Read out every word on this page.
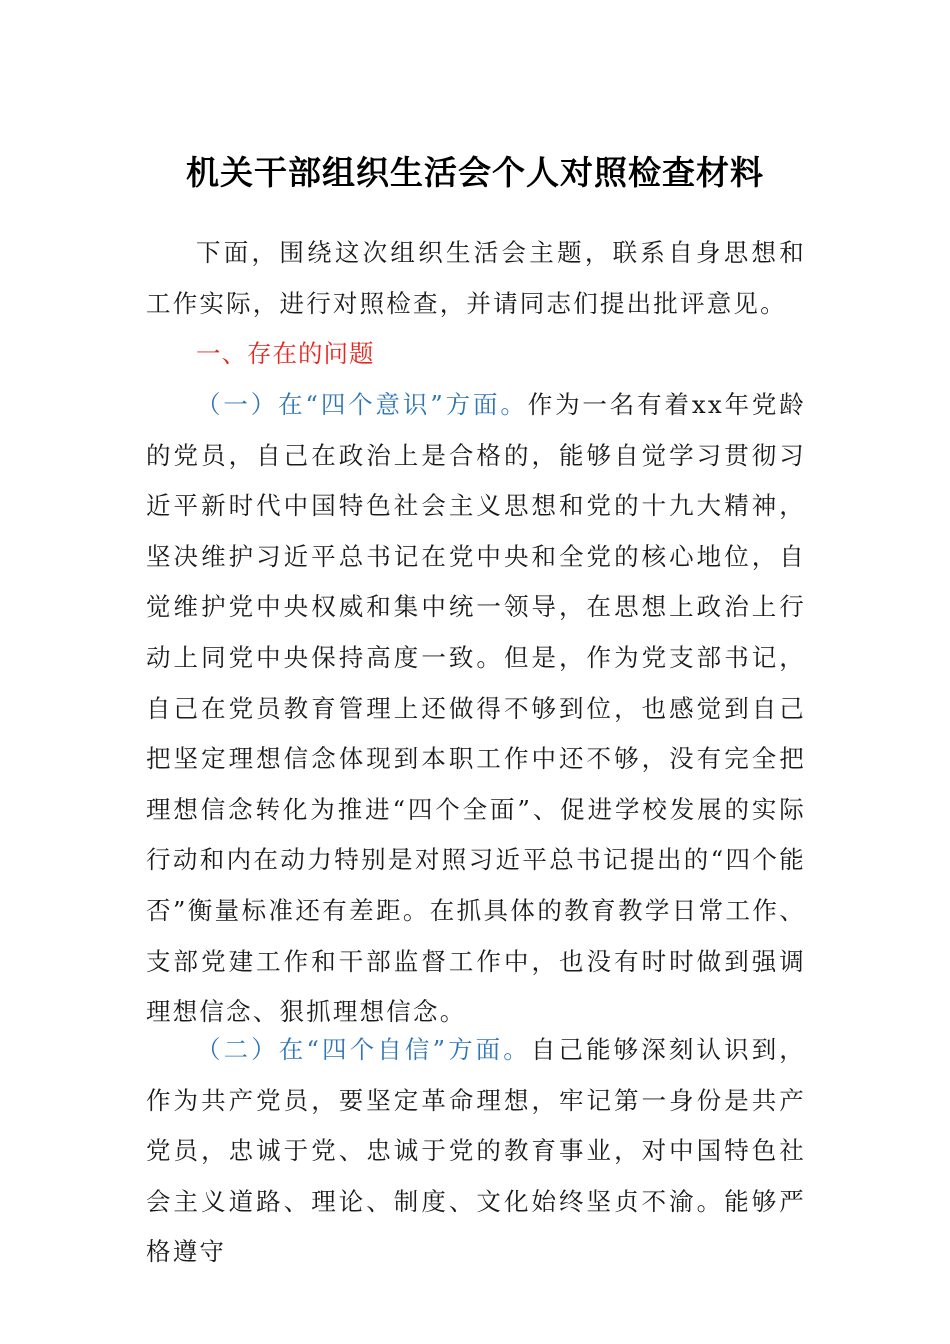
机关干部组织生活会个人对照检查材料

下面，围绕这次组织生活会主题，联系自身思想和工作实际，进行对照检查，并请同志们提出批评意见。

一、存在的问题

（一）在“四个意识”方面。作为一名有着xx年党龄的党员，自己在政治上是合格的，能够自觉学习贯彻习近平新时代中国特色社会主义思想和党的十九大精神，坚决维护习近平总书记在党中央和全党的核心地位，自觉维护党中央权威和集中统一领导，在思想上政治上行动上同党中央保持高度一致。但是，作为党支部书记，自己在党员教育管理上还做得不够到位，也感觉到自己把坚定理想信念体现到本职工作中还不够，没有完全把理想信念转化为推进“四个全面”、促进学校发展的实际行动和内在动力特别是对照习近平总书记提出的“四个能否”衡量标准还有差距。在抓具体的教育教学日常工作、支部党建工作和干部监督工作中，也没有时时做到强调理想信念、狠抓理想信念。

（二）在“四个自信”方面。自己能够深刻认识到，作为共产党员，要坚定革命理想，牢记第一身份是共产党员，忠诚于党、忠诚于党的教育事业，对中国特色社会主义道路、理论、制度、文化始终坚贞不渝。能够严格遵守
